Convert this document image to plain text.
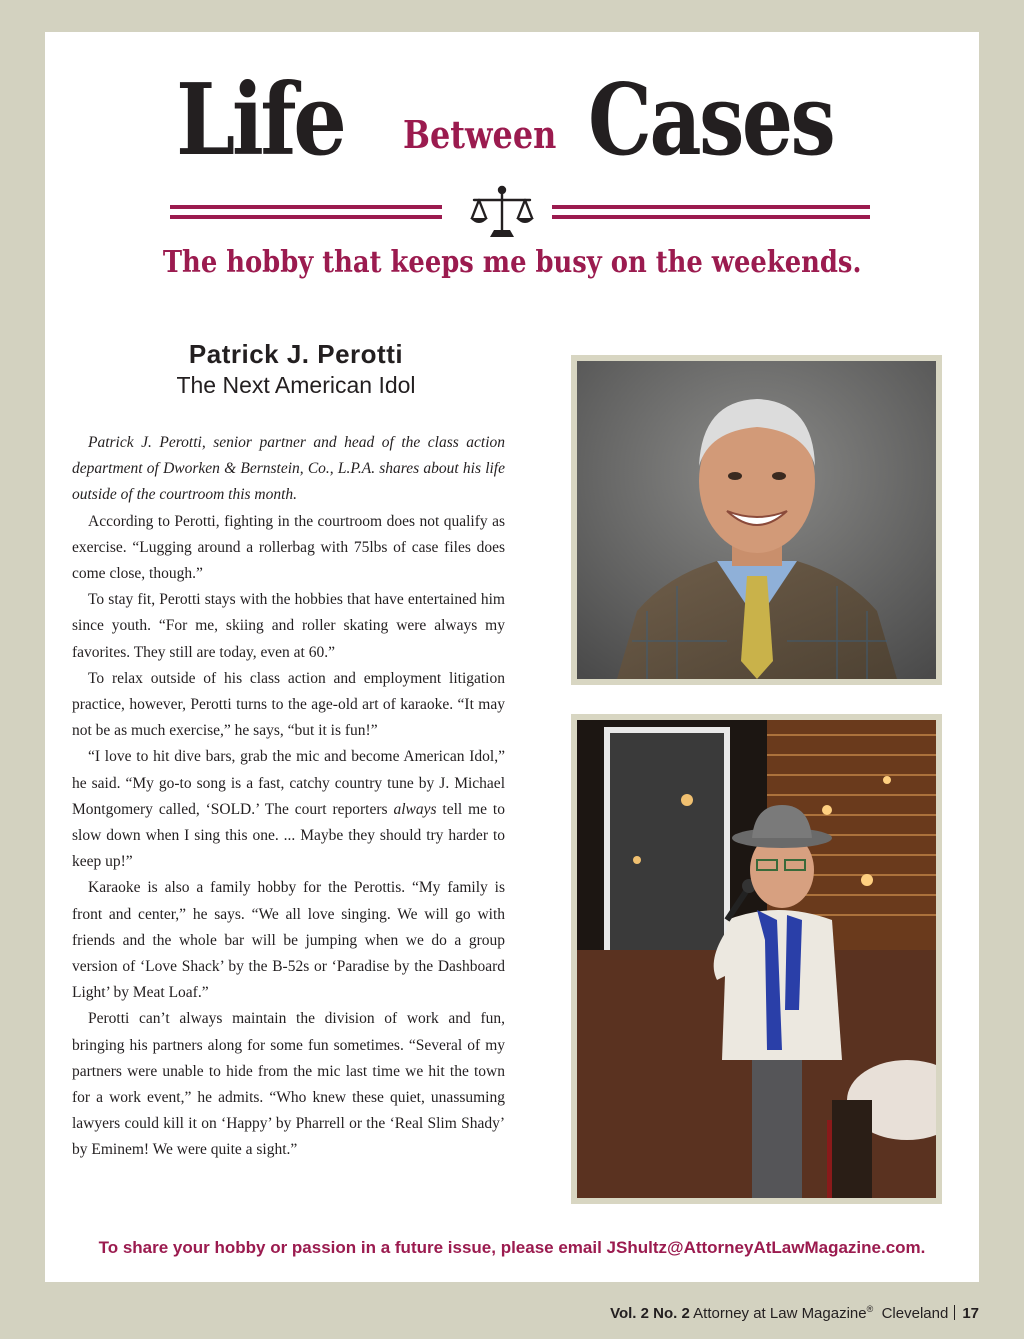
Life Between Cases
The hobby that keeps me busy on the weekends.
Patrick J. Perotti
The Next American Idol

Patrick J. Perotti, senior partner and head of the class action department of Dworken & Bernstein, Co., L.P.A. shares about his life outside of the courtroom this month.

According to Perotti, fighting in the courtroom does not qualify as exercise. “Lugging around a rollerbag with 75lbs of case files does come close, though.”

To stay fit, Perotti stays with the hobbies that have entertained him since youth. “For me, skiing and roller skating were always my favorites. They still are today, even at 60.”

To relax outside of his class action and employment litigation practice, however, Perotti turns to the age-old art of karaoke. “It may not be as much exercise,” he says, “but it is fun!”

“I love to hit dive bars, grab the mic and become American Idol,” he said. “My go-to song is a fast, catchy country tune by J. Michael Montgomery called, ‘SOLD.’ The court reporters always tell me to slow down when I sing this one. ... Maybe they should try harder to keep up!”

Karaoke is also a family hobby for the Perottis. “My family is front and center,” he says. “We all love singing. We will go with friends and the whole bar will be jumping when we do a group version of ‘Love Shack’ by the B-52s or ‘Paradise by the Dashboard Light’ by Meat Loaf.”

Perotti can’t always maintain the division of work and fun, bringing his partners along for some fun sometimes. “Several of my partners were unable to hide from the mic last time we hit the town for a work event,” he admits. “Who knew these quiet, unassuming lawyers could kill it on ‘Happy’ by Pharrell or the ‘Real Slim Shady’ by Eminem! We were quite a sight.”

To share your hobby or passion in a future issue, please email JShultz@AttorneyAtLawMagazine.com.
Vol. 2 No. 2 Attorney at Law Magazine® Cleveland 17
